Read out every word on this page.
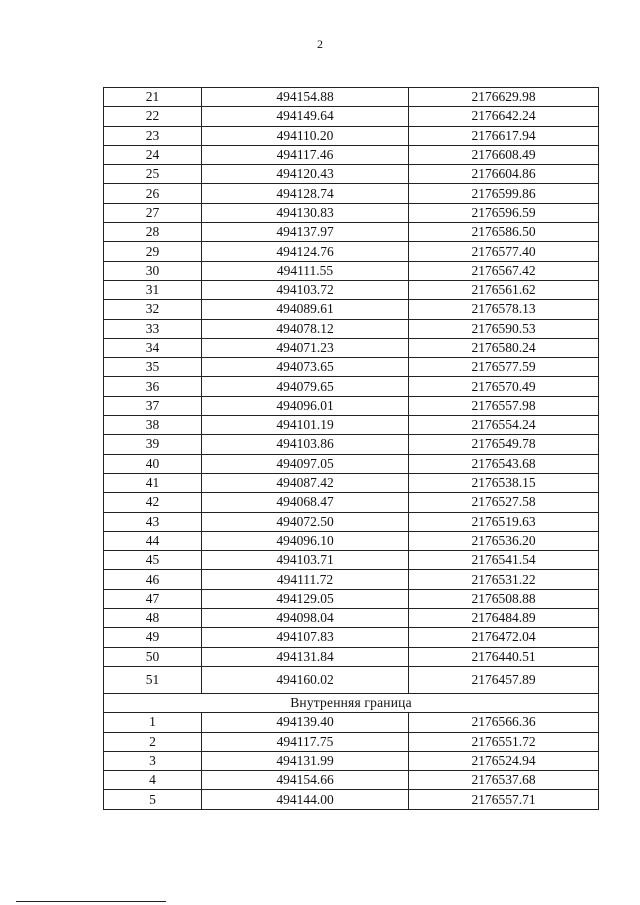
2
21	494154.88	2176629.98
22	494149.64	2176642.24
23	494110.20	2176617.94
24	494117.46	2176608.49
25	494120.43	2176604.86
26	494128.74	2176599.86
27	494130.83	2176596.59
28	494137.97	2176586.50
29	494124.76	2176577.40
30	494111.55	2176567.42
31	494103.72	2176561.62
32	494089.61	2176578.13
33	494078.12	2176590.53
34	494071.23	2176580.24
35	494073.65	2176577.59
36	494079.65	2176570.49
37	494096.01	2176557.98
38	494101.19	2176554.24
39	494103.86	2176549.78
40	494097.05	2176543.68
41	494087.42	2176538.15
42	494068.47	2176527.58
43	494072.50	2176519.63
44	494096.10	2176536.20
45	494103.71	2176541.54
46	494111.72	2176531.22
47	494129.05	2176508.88
48	494098.04	2176484.89
49	494107.83	2176472.04
50	494131.84	2176440.51
51	494160.02	2176457.89
Внутренняя граница		
1	494139.40	2176566.36
2	494117.75	2176551.72
3	494131.99	2176524.94
4	494154.66	2176537.68
5	494144.00	2176557.71
